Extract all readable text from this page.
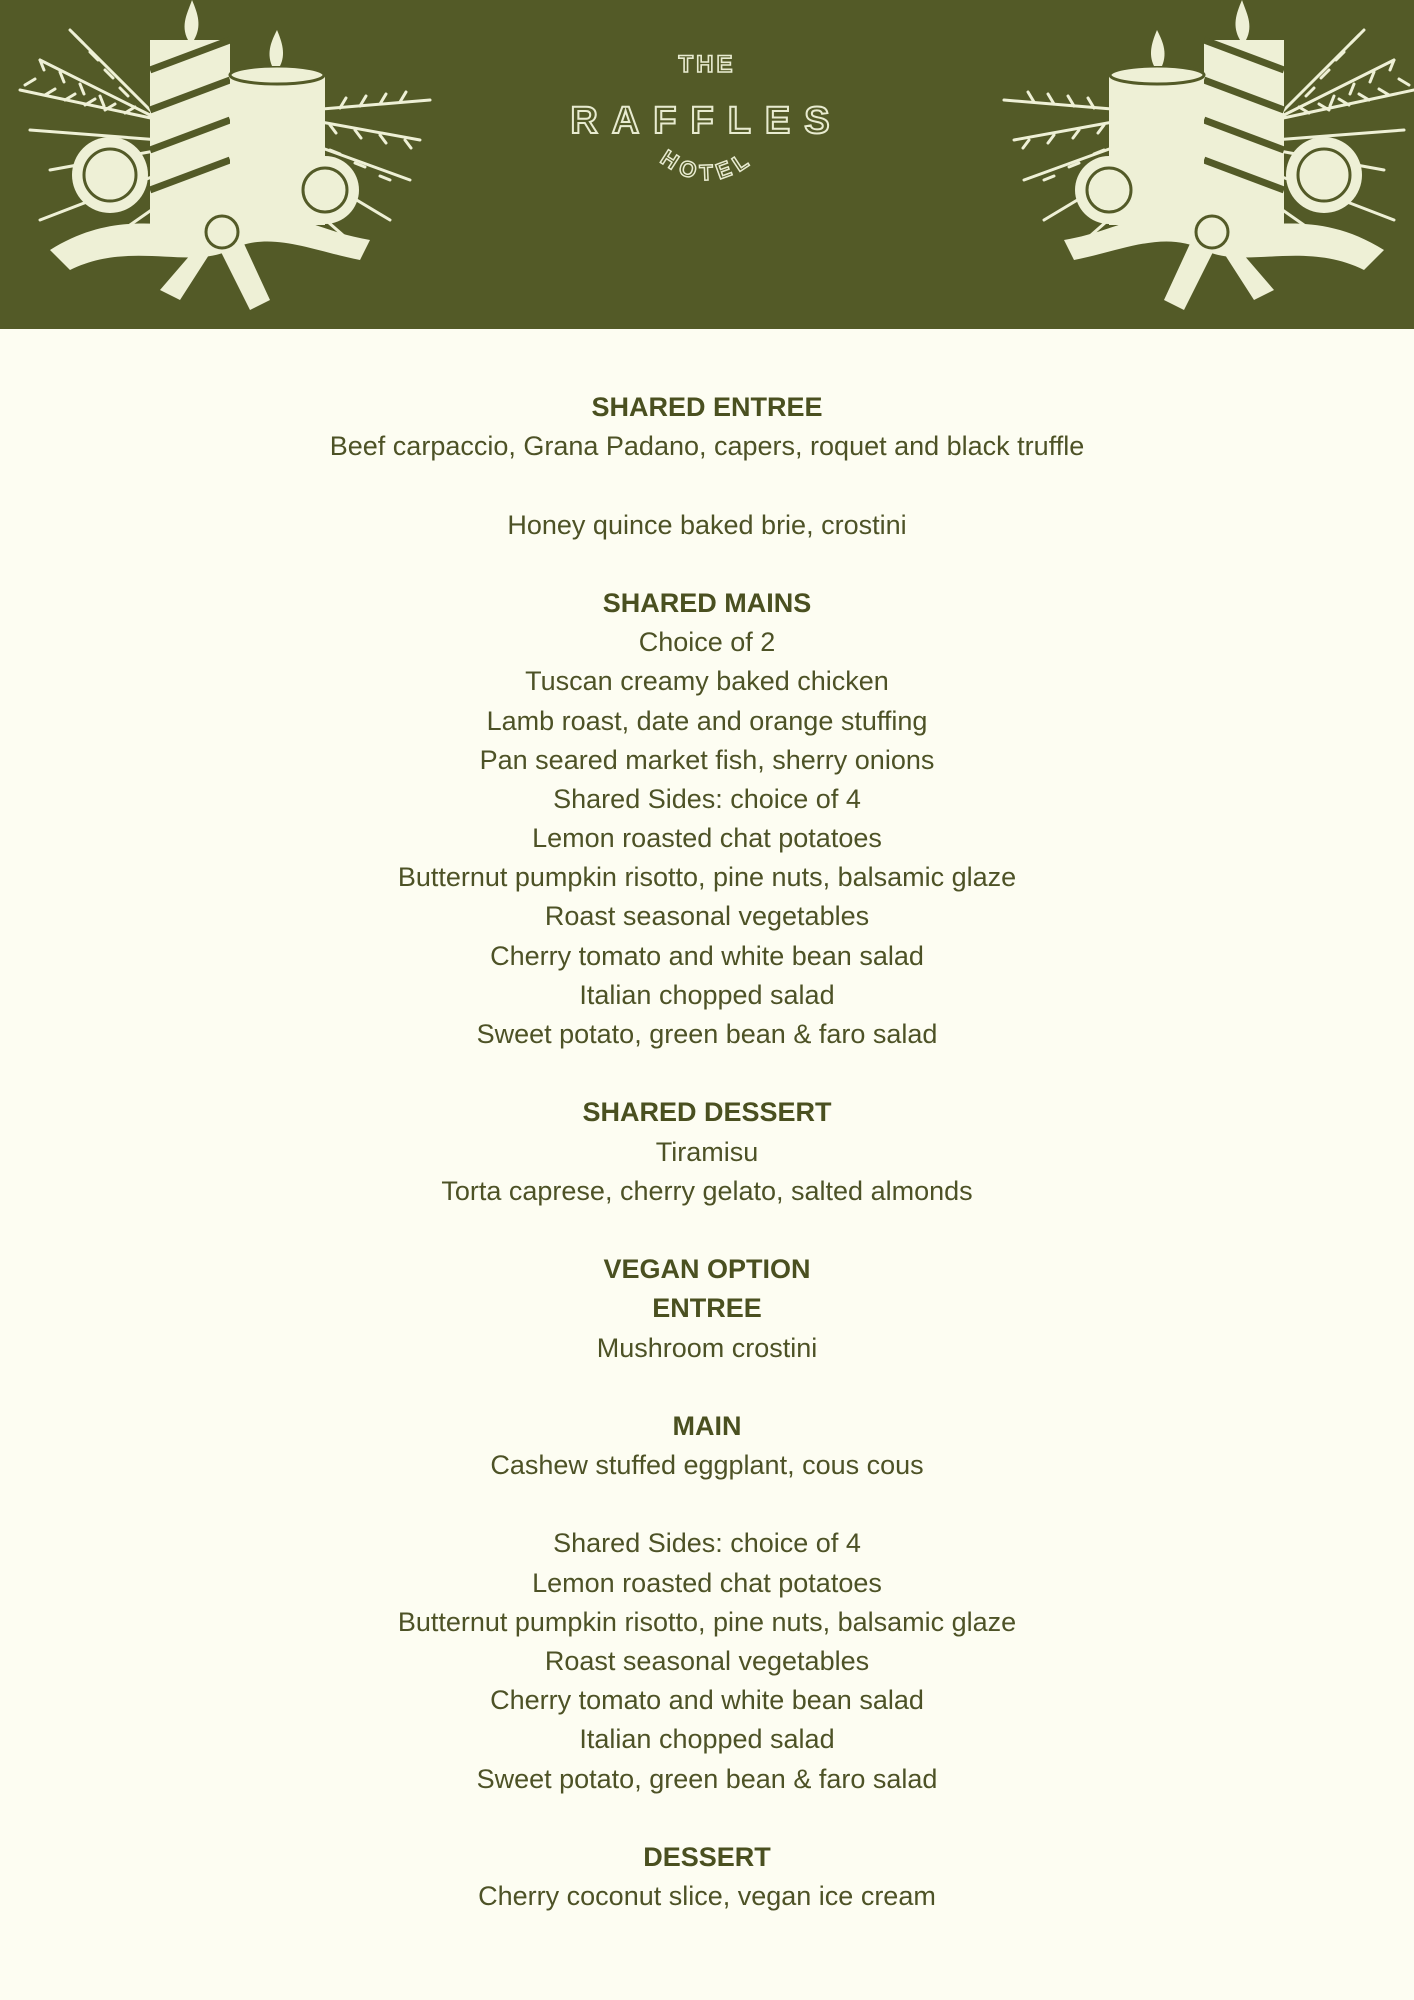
THE
RAFFLES
HOTEL
SHARED ENTREE
Beef carpaccio, Grana Padano, capers, roquet and black truffle
Honey quince baked brie, crostini
SHARED MAINS
Choice of 2
Tuscan creamy baked chicken
Lamb roast, date and orange stuffing
Pan seared market fish, sherry onions
Shared Sides: choice of 4
Lemon roasted chat potatoes
Butternut pumpkin risotto, pine nuts, balsamic glaze
Roast seasonal vegetables
Cherry tomato and white bean salad
Italian chopped salad
Sweet potato, green bean & faro salad
SHARED DESSERT
Tiramisu
Torta caprese, cherry gelato, salted almonds
VEGAN OPTION
ENTREE
Mushroom crostini
MAIN
Cashew stuffed eggplant, cous cous
Shared Sides: choice of 4
Lemon roasted chat potatoes
Butternut pumpkin risotto, pine nuts, balsamic glaze
Roast seasonal vegetables
Cherry tomato and white bean salad
Italian chopped salad
Sweet potato, green bean & faro salad
DESSERT
Cherry coconut slice, vegan ice cream
